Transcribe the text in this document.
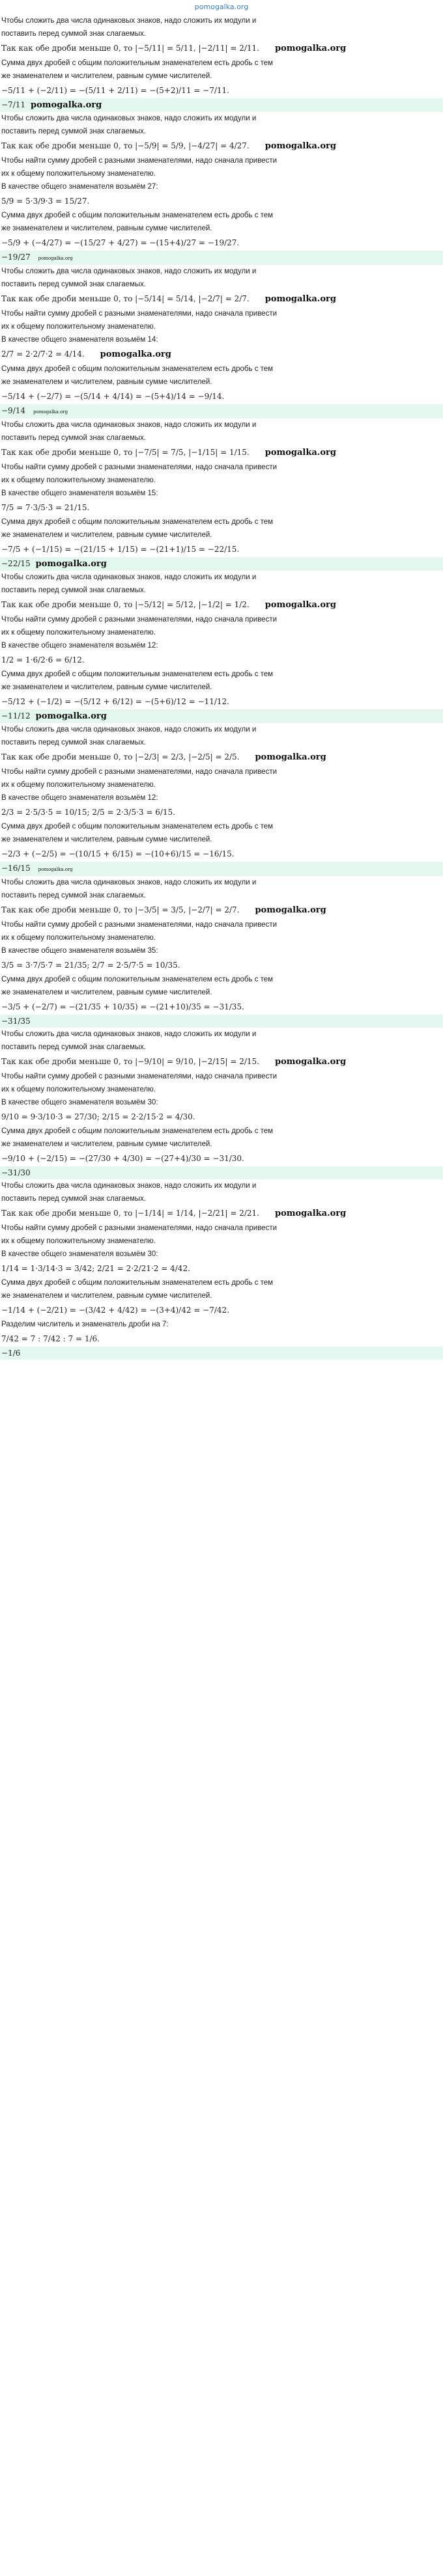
pomogalka.org

Чтобы сложить два числа одинаковых знаков, надо сложить их модули и

поставить перед суммой знак слагаемых.

Так как обе дроби меньше 0, то |−5/11| = 5/11, |−2/11| = 2/11. pomogalka.org

Сумма двух дробей с общим положительным знаменателем есть дробь с тем

же знаменателем и числителем, равным сумме числителей.

−5/11 + (−2/11) = −(5/11 + 2/11) = −(5+2)/11 = −7/11.

−7/11 pomogalka.org

Чтобы сложить два числа одинаковых знаков, надо сложить их модули и

поставить перед суммой знак слагаемых.

Так как обе дроби меньше 0, то |−5/9| = 5/9, |−4/27| = 4/27. pomogalka.org

Чтобы найти сумму дробей с разными знаменателями, надо сначала привести

их к общему положительному знаменателю.

В качестве общего знаменателя возьмём 27:

5/9 = 5·3/9·3 = 15/27.

Сумма двух дробей с общим положительным знаменателем есть дробь с тем

же знаменателем и числителем, равным сумме числителей.

−5/9 + (−4/27) = −(15/27 + 4/27) = −(15+4)/27 = −19/27.

−19/27 pomogalka.org

Чтобы сложить два числа одинаковых знаков, надо сложить их модули и

поставить перед суммой знак слагаемых.

Так как обе дроби меньше 0, то |−5/14| = 5/14, |−2/7| = 2/7. pomogalka.org

Чтобы найти сумму дробей с разными знаменателями, надо сначала привести

их к общему положительному знаменателю.

В качестве общего знаменателя возьмём 14:

2/7 = 2·2/7·2 = 4/14. pomogalka.org

Сумма двух дробей с общим положительным знаменателем есть дробь с тем

же знаменателем и числителем, равным сумме числителей.

−5/14 + (−2/7) = −(5/14 + 4/14) = −(5+4)/14 = −9/14.

−9/14 pomogalka.org

Чтобы сложить два числа одинаковых знаков, надо сложить их модули и

поставить перед суммой знак слагаемых.

Так как обе дроби меньше 0, то |−7/5| = 7/5, |−1/15| = 1/15. pomogalka.org

Чтобы найти сумму дробей с разными знаменателями, надо сначала привести

их к общему положительному знаменателю.

В качестве общего знаменателя возьмём 15:

7/5 = 7·3/5·3 = 21/15.

Сумма двух дробей с общим положительным знаменателем есть дробь с тем

же знаменателем и числителем, равным сумме числителей.

−7/5 + (−1/15) = −(21/15 + 1/15) = −(21+1)/15 = −22/15.

−22/15 pomogalka.org

Чтобы сложить два числа одинаковых знаков, надо сложить их модули и

поставить перед суммой знак слагаемых.

Так как обе дроби меньше 0, то |−5/12| = 5/12, |−1/2| = 1/2. pomogalka.org

Чтобы найти сумму дробей с разными знаменателями, надо сначала привести

их к общему положительному знаменателю.

В качестве общего знаменателя возьмём 12:

1/2 = 1·6/2·6 = 6/12.

Сумма двух дробей с общим положительным знаменателем есть дробь с тем

же знаменателем и числителем, равным сумме числителей.

−5/12 + (−1/2) = −(5/12 + 6/12) = −(5+6)/12 = −11/12.

−11/12 pomogalka.org

Чтобы сложить два числа одинаковых знаков, надо сложить их модули и

поставить перед суммой знак слагаемых.

Так как обе дроби меньше 0, то |−2/3| = 2/3, |−2/5| = 2/5. pomogalka.org

Чтобы найти сумму дробей с разными знаменателями, надо сначала привести

их к общему положительному знаменателю.

В качестве общего знаменателя возьмём 12:

2/3 = 2·5/3·5 = 10/15; 2/5 = 2·3/5·3 = 6/15.

Сумма двух дробей с общим положительным знаменателем есть дробь с тем

же знаменателем и числителем, равным сумме числителей.

−2/3 + (−2/5) = −(10/15 + 6/15) = −(10+6)/15 = −16/15.

−16/15 pomogalka.org

Чтобы сложить два числа одинаковых знаков, надо сложить их модули и

поставить перед суммой знак слагаемых.

Так как обе дроби меньше 0, то |−3/5| = 3/5, |−2/7| = 2/7. pomogalka.org

Чтобы найти сумму дробей с разными знаменателями, надо сначала привести

их к общему положительному знаменателю.

В качестве общего знаменателя возьмём 35:

3/5 = 3·7/5·7 = 21/35; 2/7 = 2·5/7·5 = 10/35.

Сумма двух дробей с общим положительным знаменателем есть дробь с тем

же знаменателем и числителем, равным сумме числителей.

−3/5 + (−2/7) = −(21/35 + 10/35) = −(21+10)/35 = −31/35.

−31/35

Чтобы сложить два числа одинаковых знаков, надо сложить их модули и

поставить перед суммой знак слагаемых.

Так как обе дроби меньше 0, то |−9/10| = 9/10, |−2/15| = 2/15. pomogalka.org

Чтобы найти сумму дробей с разными знаменателями, надо сначала привести

их к общему положительному знаменателю.

В качестве общего знаменателя возьмём 30:

9/10 = 9·3/10·3 = 27/30; 2/15 = 2·2/15·2 = 4/30.

Сумма двух дробей с общим положительным знаменателем есть дробь с тем

же знаменателем и числителем, равным сумме числителей.

−9/10 + (−2/15) = −(27/30 + 4/30) = −(27+4)/30 = −31/30.

−31/30

Чтобы сложить два числа одинаковых знаков, надо сложить их модули и

поставить перед суммой знак слагаемых.

Так как обе дроби меньше 0, то |−1/14| = 1/14, |−2/21| = 2/21. pomogalka.org

Чтобы найти сумму дробей с разными знаменателями, надо сначала привести

их к общему положительному знаменателю.

В качестве общего знаменателя возьмём 30:

1/14 = 1·3/14·3 = 3/42; 2/21 = 2·2/21·2 = 4/42.

Сумма двух дробей с общим положительным знаменателем есть дробь с тем

же знаменателем и числителем, равным сумме числителей.

−1/14 + (−2/21) = −(3/42 + 4/42) = −(3+4)/42 = −7/42.

Разделим числитель и знаменатель дроби на 7:

7/42 = 7 : 7/42 : 7 = 1/6.

−1/6
